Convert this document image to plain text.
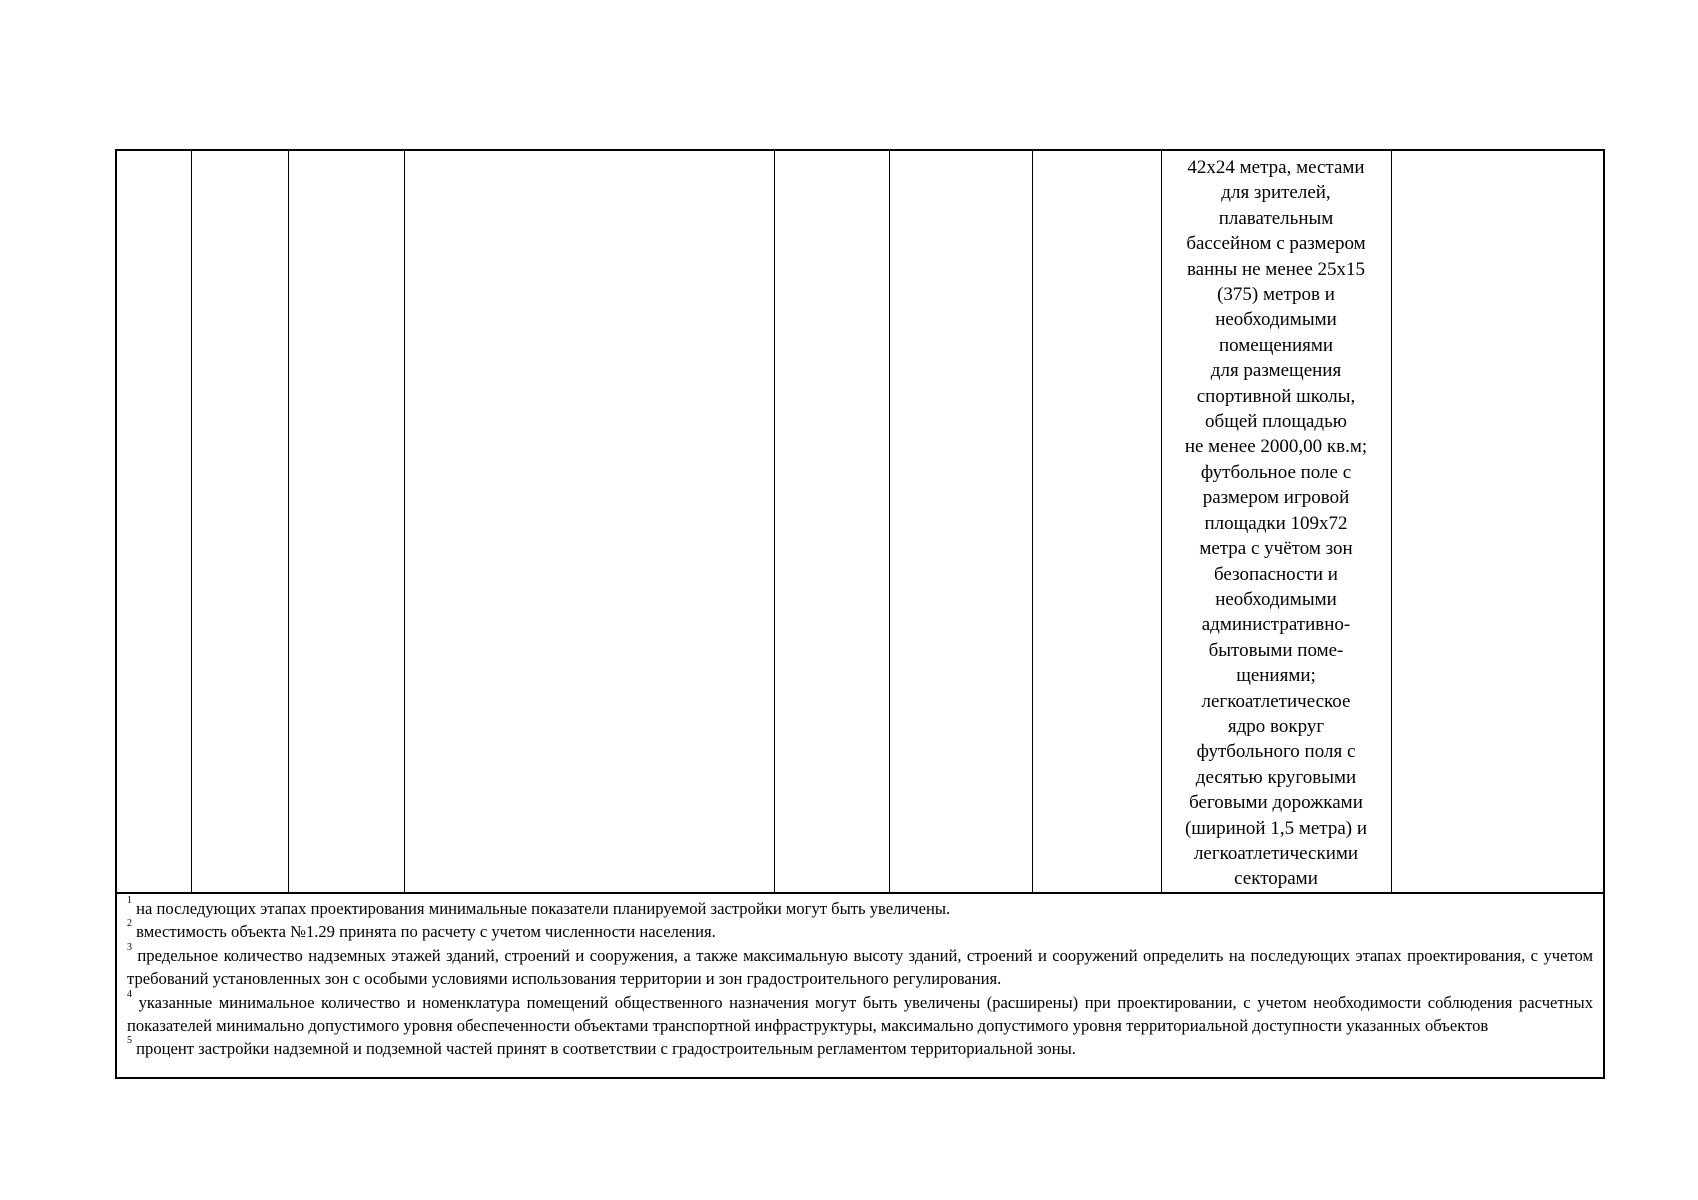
42х24 метра, местами
для зрителей,
плавательным
бассейном с размером
ванны не менее 25х15
(375) метров и
необходимыми
помещениями
для размещения
спортивной школы,
общей площадью
не менее 2000,00 кв.м;
футбольное поле с
размером игровой
площадки 109х72
метра с учётом зон
безопасности и
необходимыми
административно-
бытовыми поме-
щениями;
легкоатлетическое
ядро вокруг
футбольного поля с
десятью круговыми
беговыми дорожками
(шириной 1,5 метра) и
легкоатлетическими
секторами

$^1$ на последующих этапах проектирования минимальные показатели планируемой застройки могут быть увеличены.

$^2$ вместимость объекта №1.29 принята по расчету с учетом численности населения.

$^3$ предельное количество надземных этажей зданий, строений и сооружения, а также максимальную высоту зданий, строений и сооружений определить на последующих этапах проектирования, с учетом требований установленных зон с особыми условиями использования территории и зон градостроительного регулирования.

$^4$ указанные минимальное количество и номенклатура помещений общественного назначения могут быть увеличены (расширены) при проектировании, с учетом необходимости соблюдения расчетных показателей минимально допустимого уровня обеспеченности объектами транспортной инфраструктуры, максимально допустимого уровня территориальной доступности указанных объектов

$^5$ процент застройки надземной и подземной частей принят в соответствии с градостроительным регламентом территориальной зоны.
